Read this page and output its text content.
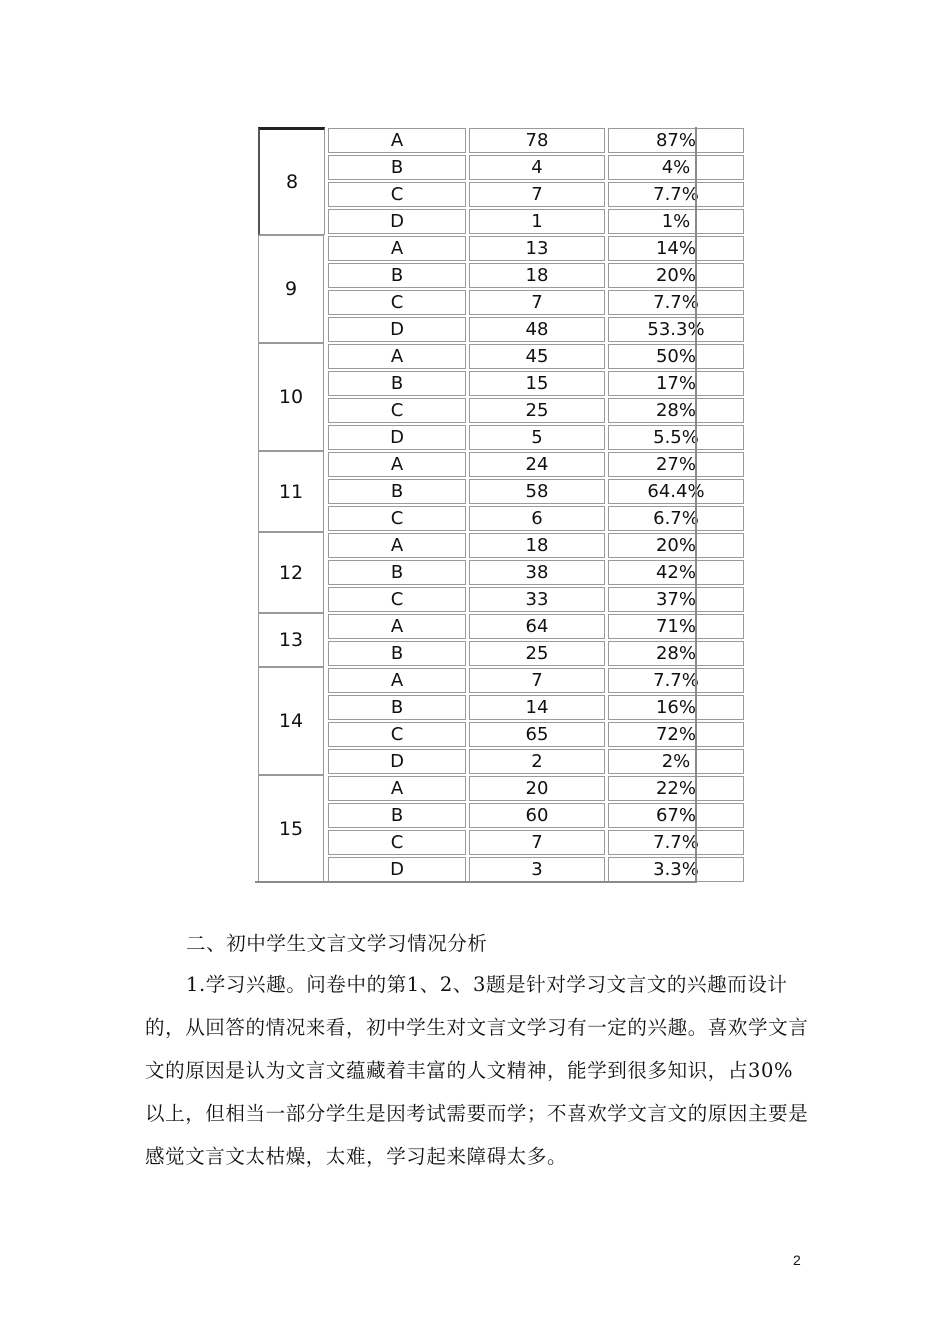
8
A	78	87%
B	4	4%
C	7	7.7%
D	1	1%
9
A	13	14%
B	18	20%
C	7	7.7%
D	48	53.3%
10
A	45	50%
B	15	17%
C	25	28%
D	5	5.5%
11
A	24	27%
B	58	64.4%
C	6	6.7%
12
A	18	20%
B	38	42%
C	33	37%
13
A	64	71%
B	25	28%
14
A	7	7.7%
B	14	16%
C	65	72%
D	2	2%
15
A	20	22%
B	60	67%
C	7	7.7%
D	3	3.3%

二、初中学生文言文学习情况分析

1.学习兴趣。问卷中的第1、2、3题是针对学习文言文的兴趣而设计的，从回答的情况来看，初中学生对文言文学习有一定的兴趣。喜欢学文言文的原因是认为文言文蕴藏着丰富的人文精神，能学到很多知识，占30%以上，但相当一部分学生是因考试需要而学；不喜欢学文言文的原因主要是感觉文言文太枯燥，太难，学习起来障碍太多。

2
